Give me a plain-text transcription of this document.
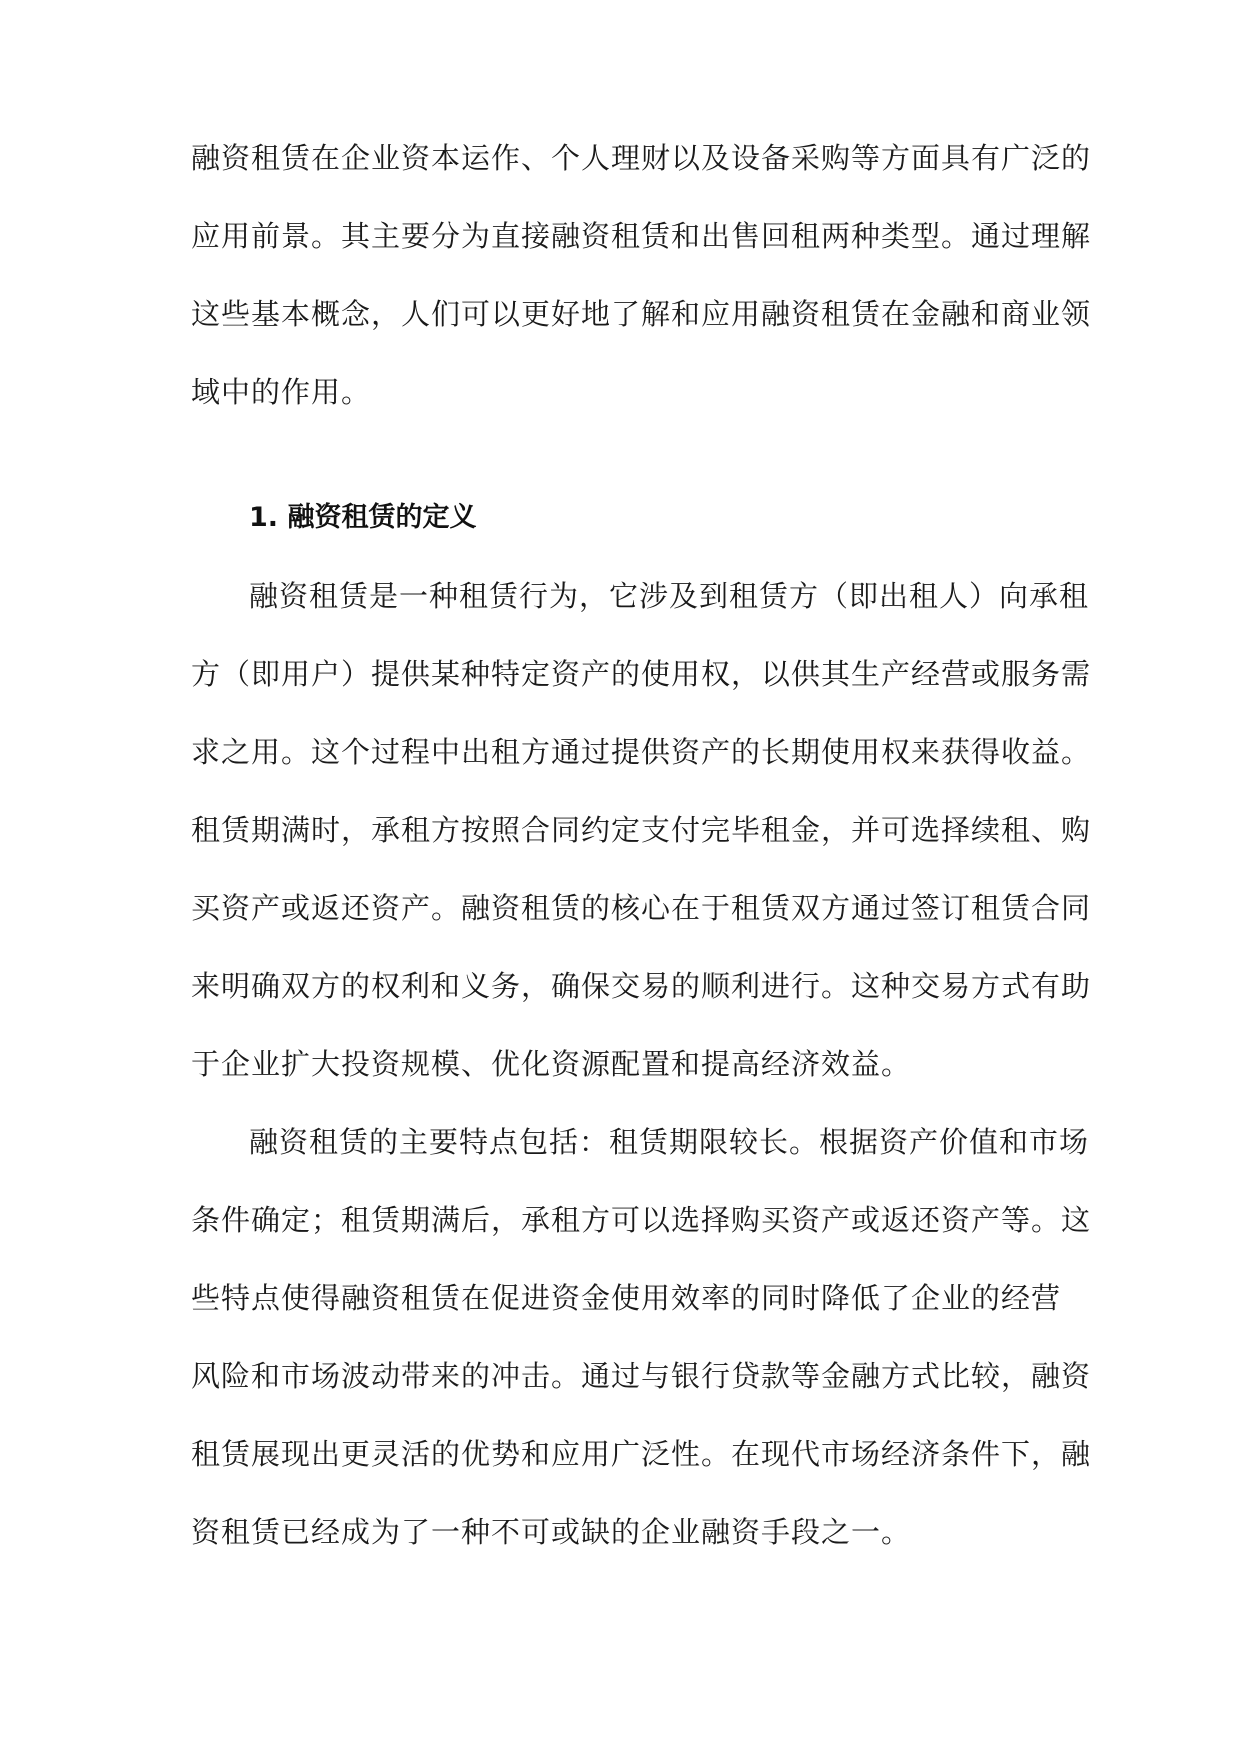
融资租赁在企业资本运作、个人理财以及设备采购等方面具有广泛的
应用前景。其主要分为直接融资租赁和出售回租两种类型。通过理解
这些基本概念，人们可以更好地了解和应用融资租赁在金融和商业领
域中的作用。
1. 融资租赁的定义
融资租赁是一种租赁行为，它涉及到租赁方（即出租人）向承租
方（即用户）提供某种特定资产的使用权，以供其生产经营或服务需
求之用。这个过程中出租方通过提供资产的长期使用权来获得收益。
租赁期满时，承租方按照合同约定支付完毕租金，并可选择续租、购
买资产或返还资产。融资租赁的核心在于租赁双方通过签订租赁合同
来明确双方的权利和义务，确保交易的顺利进行。这种交易方式有助
于企业扩大投资规模、优化资源配置和提高经济效益。
融资租赁的主要特点包括：租赁期限较长。根据资产价值和市场
条件确定；租赁期满后，承租方可以选择购买资产或返还资产等。这
些特点使得融资租赁在促进资金使用效率的同时降低了企业的经营
风险和市场波动带来的冲击。通过与银行贷款等金融方式比较，融资
租赁展现出更灵活的优势和应用广泛性。在现代市场经济条件下，融
资租赁已经成为了一种不可或缺的企业融资手段之一。
